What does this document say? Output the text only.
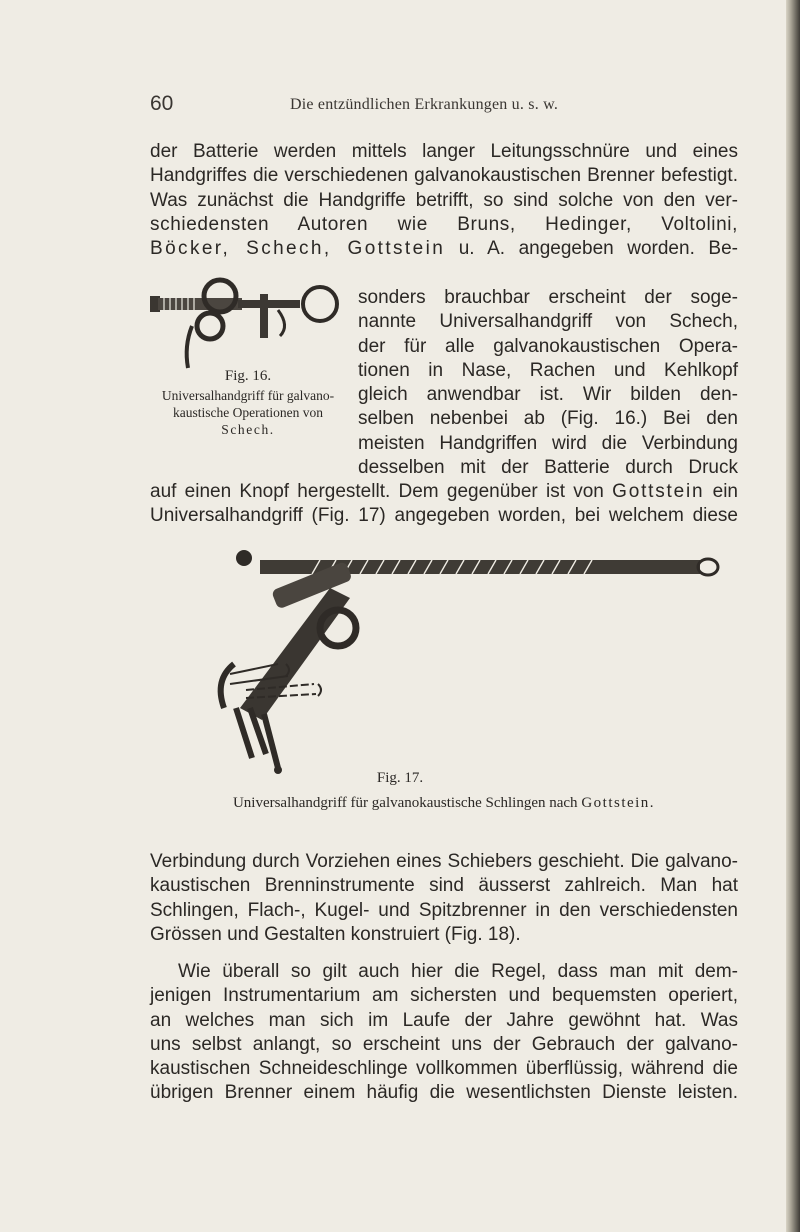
60	Die entzündlichen Erkrankungen u. s. w.
der Batterie werden mittels langer Leitungsschnüre und eines
Handgriffes die verschiedenen galvanokaustischen Brenner befestigt.
Was zunächst die Handgriffe betrifft, so sind solche von den ver-
schiedensten Autoren wie Bruns, Hedinger, Voltolini,
Böcker, Schech, Gottstein u. A. angegeben worden. Be-
Fig. 16.
Universalhandgriff für galvano-
kaustische Operationen von
Schech.
sonders brauchbar erscheint der soge-
nannte Universalhandgriff von Schech,
der für alle galvanokaustischen Opera-
tionen in Nase, Rachen und Kehlkopf
gleich anwendbar ist. Wir bilden den-
selben nebenbei ab (Fig. 16.) Bei den
meisten Handgriffen wird die Verbindung
desselben mit der Batterie durch Druck
auf einen Knopf hergestellt. Dem gegenüber ist von Gottstein ein
Universalhandgriff (Fig. 17) angegeben worden, bei welchem diese
Fig. 17.
Universalhandgriff für galvanokaustische Schlingen nach Gottstein.
Verbindung durch Vorziehen eines Schiebers geschieht. Die galvano-
kaustischen Brenninstrumente sind äusserst zahlreich. Man hat
Schlingen, Flach-, Kugel- und Spitzbrenner in den verschiedensten
Grössen und Gestalten konstruiert (Fig. 18).
Wie überall so gilt auch hier die Regel, dass man mit dem-
jenigen Instrumentarium am sichersten und bequemsten operiert,
an welches man sich im Laufe der Jahre gewöhnt hat. Was
uns selbst anlangt, so erscheint uns der Gebrauch der galvano-
kaustischen Schneideschlinge vollkommen überflüssig, während die
übrigen Brenner einem häufig die wesentlichsten Dienste leisten.
